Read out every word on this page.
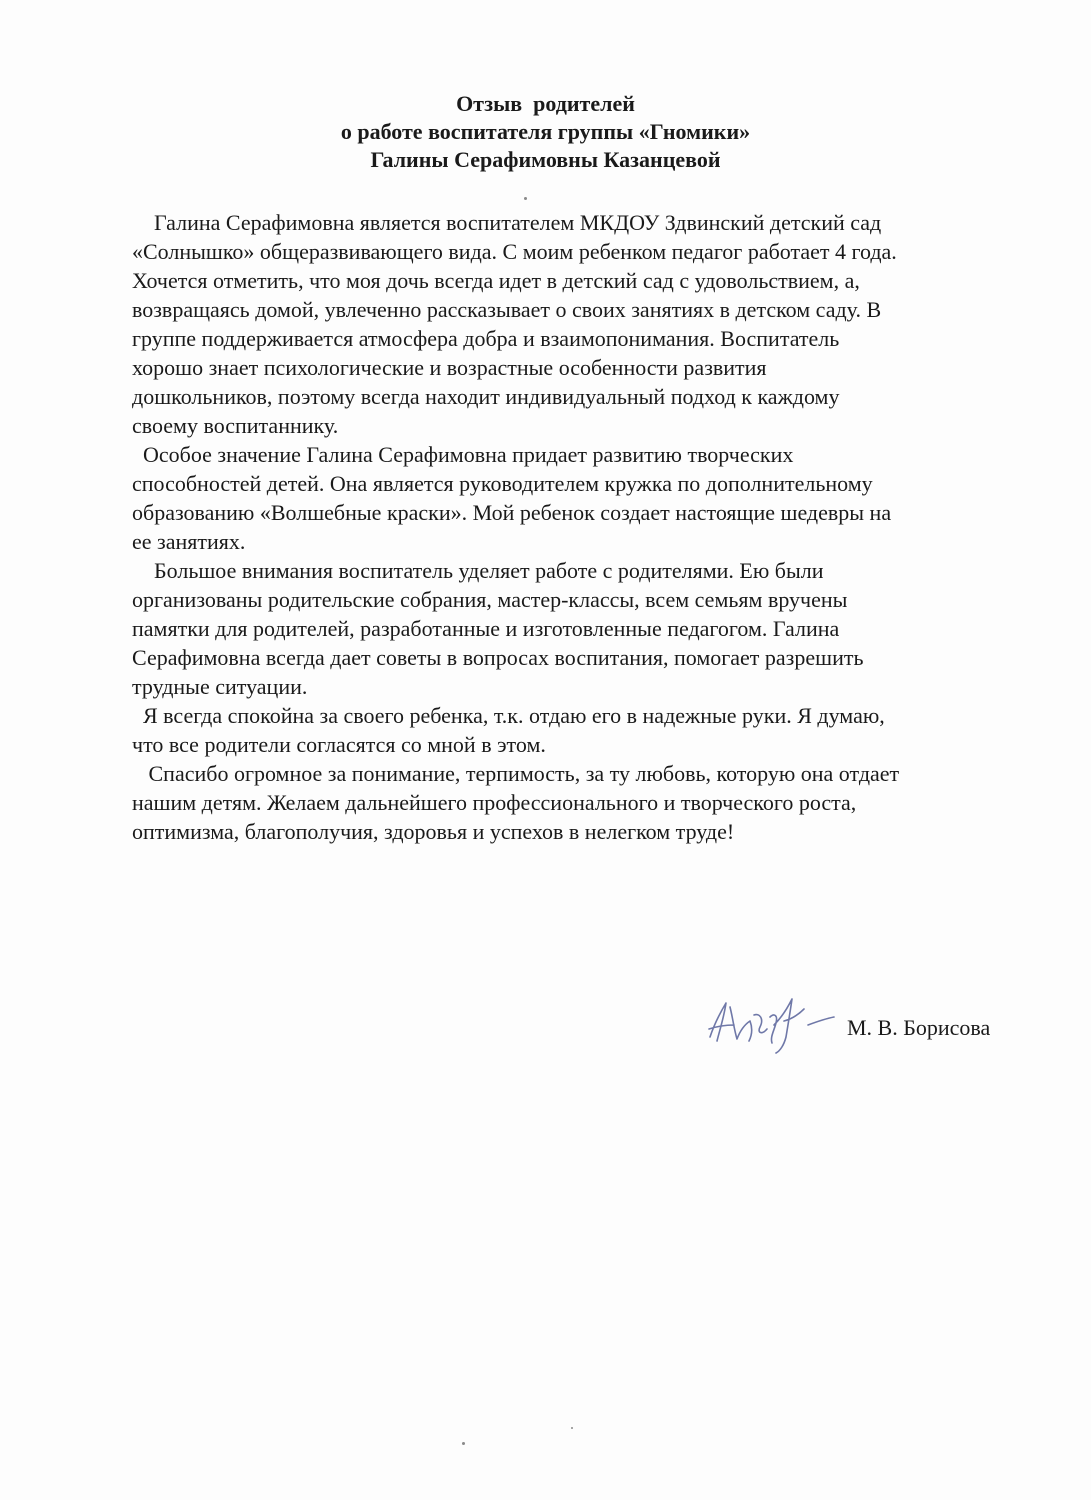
Отзыв  родителей
о работе воспитателя группы «Гномики»
Галины Серафимовны Казанцевой
Галина Серафимовна является воспитателем МКДОУ Здвинский детский сад
«Солнышко» общеразвивающего вида. С моим ребенком педагог работает 4 года.
Хочется отметить, что моя дочь всегда идет в детский сад с удовольствием, а,
возвращаясь домой, увлеченно рассказывает о своих занятиях в детском саду. В
группе поддерживается атмосфера добра и взаимопонимания. Воспитатель
хорошо знает психологические и возрастные особенности развития
дошкольников, поэтому всегда находит индивидуальный подход к каждому
своему воспитаннику.
Особое значение Галина Серафимовна придает развитию творческих
способностей детей. Она является руководителем кружка по дополнительному
образованию «Волшебные краски». Мой ребенок создает настоящие шедевры на
ее занятиях.
Большое внимания воспитатель уделяет работе с родителями. Ею были
организованы родительские собрания, мастер-классы, всем семьям вручены
памятки для родителей, разработанные и изготовленные педагогом. Галина
Серафимовна всегда дает советы в вопросах воспитания, помогает разрешить
трудные ситуации.
Я всегда спокойна за своего ребенка, т.к. отдаю его в надежные руки. Я думаю,
что все родители согласятся со мной в этом.
Спасибо огромное за понимание, терпимость, за ту любовь, которую она отдает
нашим детям. Желаем дальнейшего профессионального и творческого роста,
оптимизма, благополучия, здоровья и успехов в нелегком труде!
М. В. Борисова
